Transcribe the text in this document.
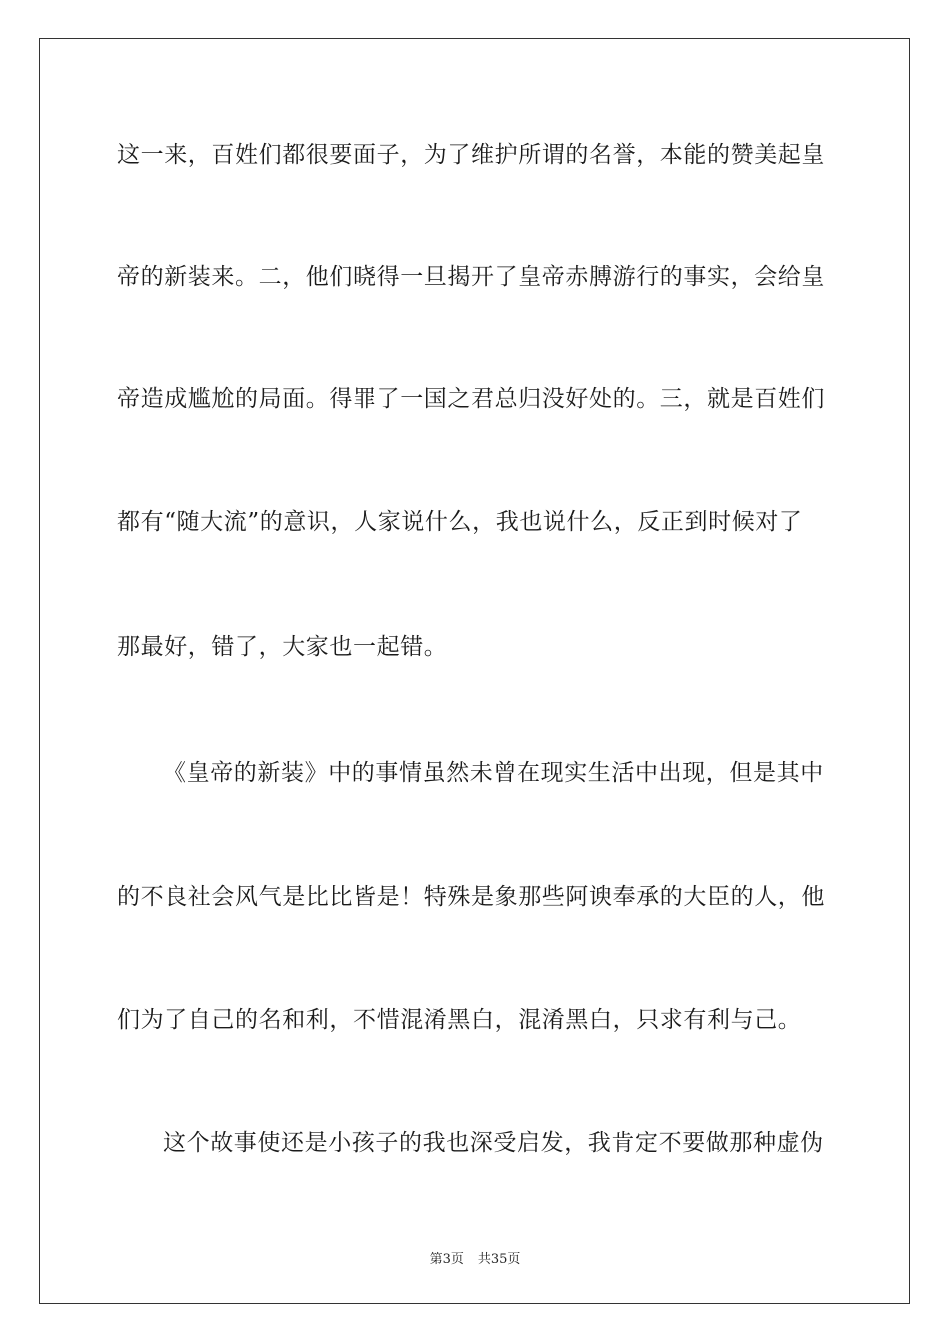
这一来，百姓们都很要面子，为了维护所谓的名誉，本能的赞美起皇
帝的新装来。二，他们晓得一旦揭开了皇帝赤膊游行的事实，会给皇
帝造成尴尬的局面。得罪了一国之君总归没好处的。三，就是百姓们
都有“随大流”的意识，人家说什么，我也说什么，反正到时候对了
那最好，错了，大家也一起错。
《皇帝的新装》中的事情虽然未曾在现实生活中出现，但是其中
的不良社会风气是比比皆是！特殊是象那些阿谀奉承的大臣的人，他
们为了自己的名和利，不惜混淆黑白，混淆黑白，只求有利与己。
这个故事使还是小孩子的我也深受启发，我肯定不要做那种虚伪
第3页 共35页
